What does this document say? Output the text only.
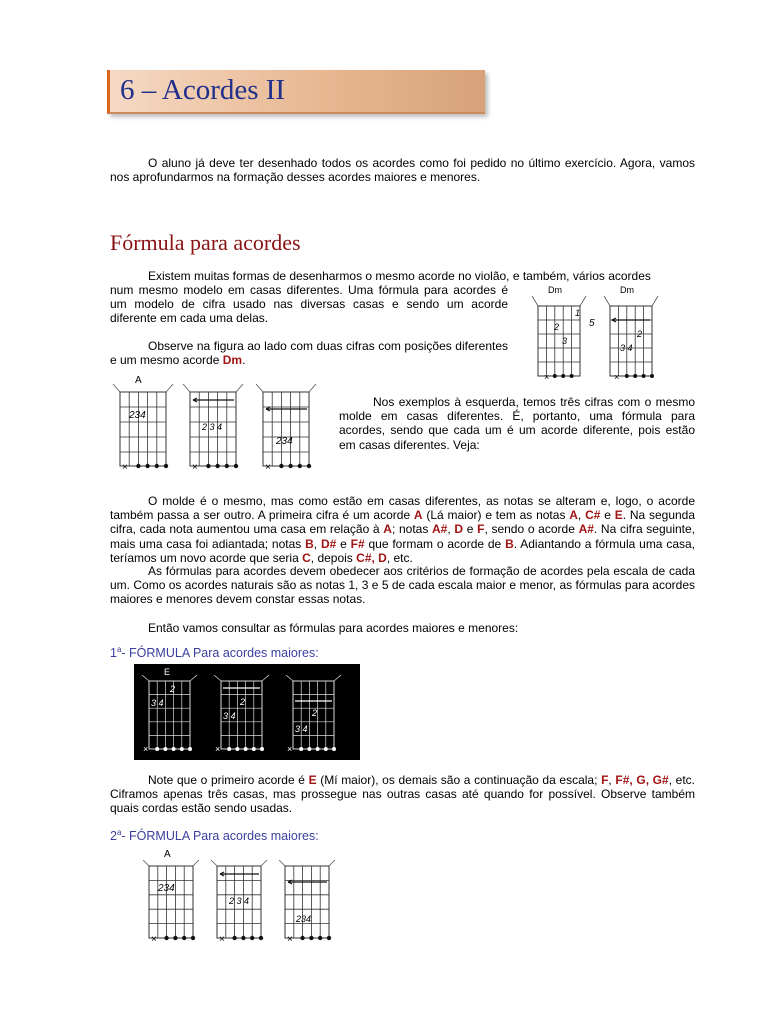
6 – Acordes II
O aluno já deve ter desenhado todos os acordes como foi pedido no último exercício. Agora, vamos nos aprofundarmos na formação desses acordes maiores e menores.
Fórmula para acordes
Existem muitas formas de desenharmos o mesmo acorde no violão, e também, vários acordes
num mesmo modelo em casas diferentes. Uma fórmula para acordes é um modelo de cifra usado nas diversas casas e sendo um acorde diferente em cada uma delas.
Observe na figura ao lado com duas cifras com posições diferentes e um mesmo acorde Dm.
Dm	Dm
1
2
3
×
5
2
3 4
×
A
234
×
2 3 4
×
234
×
Nos exemplos à esquerda, temos três cifras com o mesmo molde em casas diferentes. É, portanto, uma fórmula para acordes, sendo que cada um é um acorde diferente, pois estão em casas diferentes. Veja:
O molde é o mesmo, mas como estão em casas diferentes, as notas se alteram e, logo, o acorde também passa a ser outro. A primeira cifra é um acorde A (Lá maior) e tem as notas A, C# e E. Na segunda cifra, cada nota aumentou uma casa em relação à A; notas A#, D e F, sendo o acorde A#. Na cifra seguinte, mais uma casa foi adiantada; notas B, D# e F# que formam o acorde de B. Adiantando a fórmula uma casa, teríamos um novo acorde que seria C, depois C#, D, etc.
As fórmulas para acordes devem obedecer aos critérios de formação de acordes pela escala de cada um. Como os acordes naturais são as notas 1, 3 e 5 de cada escala maior e menor, as fórmulas para acordes maiores e menores devem constar essas notas.
Então vamos consultar as fórmulas para acordes maiores e menores:
1$^a$- FÓRMULA Para acordes maiores:
E
2
3 4
×
2
3 4
×
2
3 4
×
Note que o primeiro acorde é E (Mí maior), os demais são a continuação da escala; F, F#, G, G#, etc. Ciframos apenas três casas, mas prossegue nas outras casas até quando for possível. Observe também quais cordas estão sendo usadas.
2$^a$- FÓRMULA Para acordes maiores:
A
234
×
2 3 4
×
234
×
